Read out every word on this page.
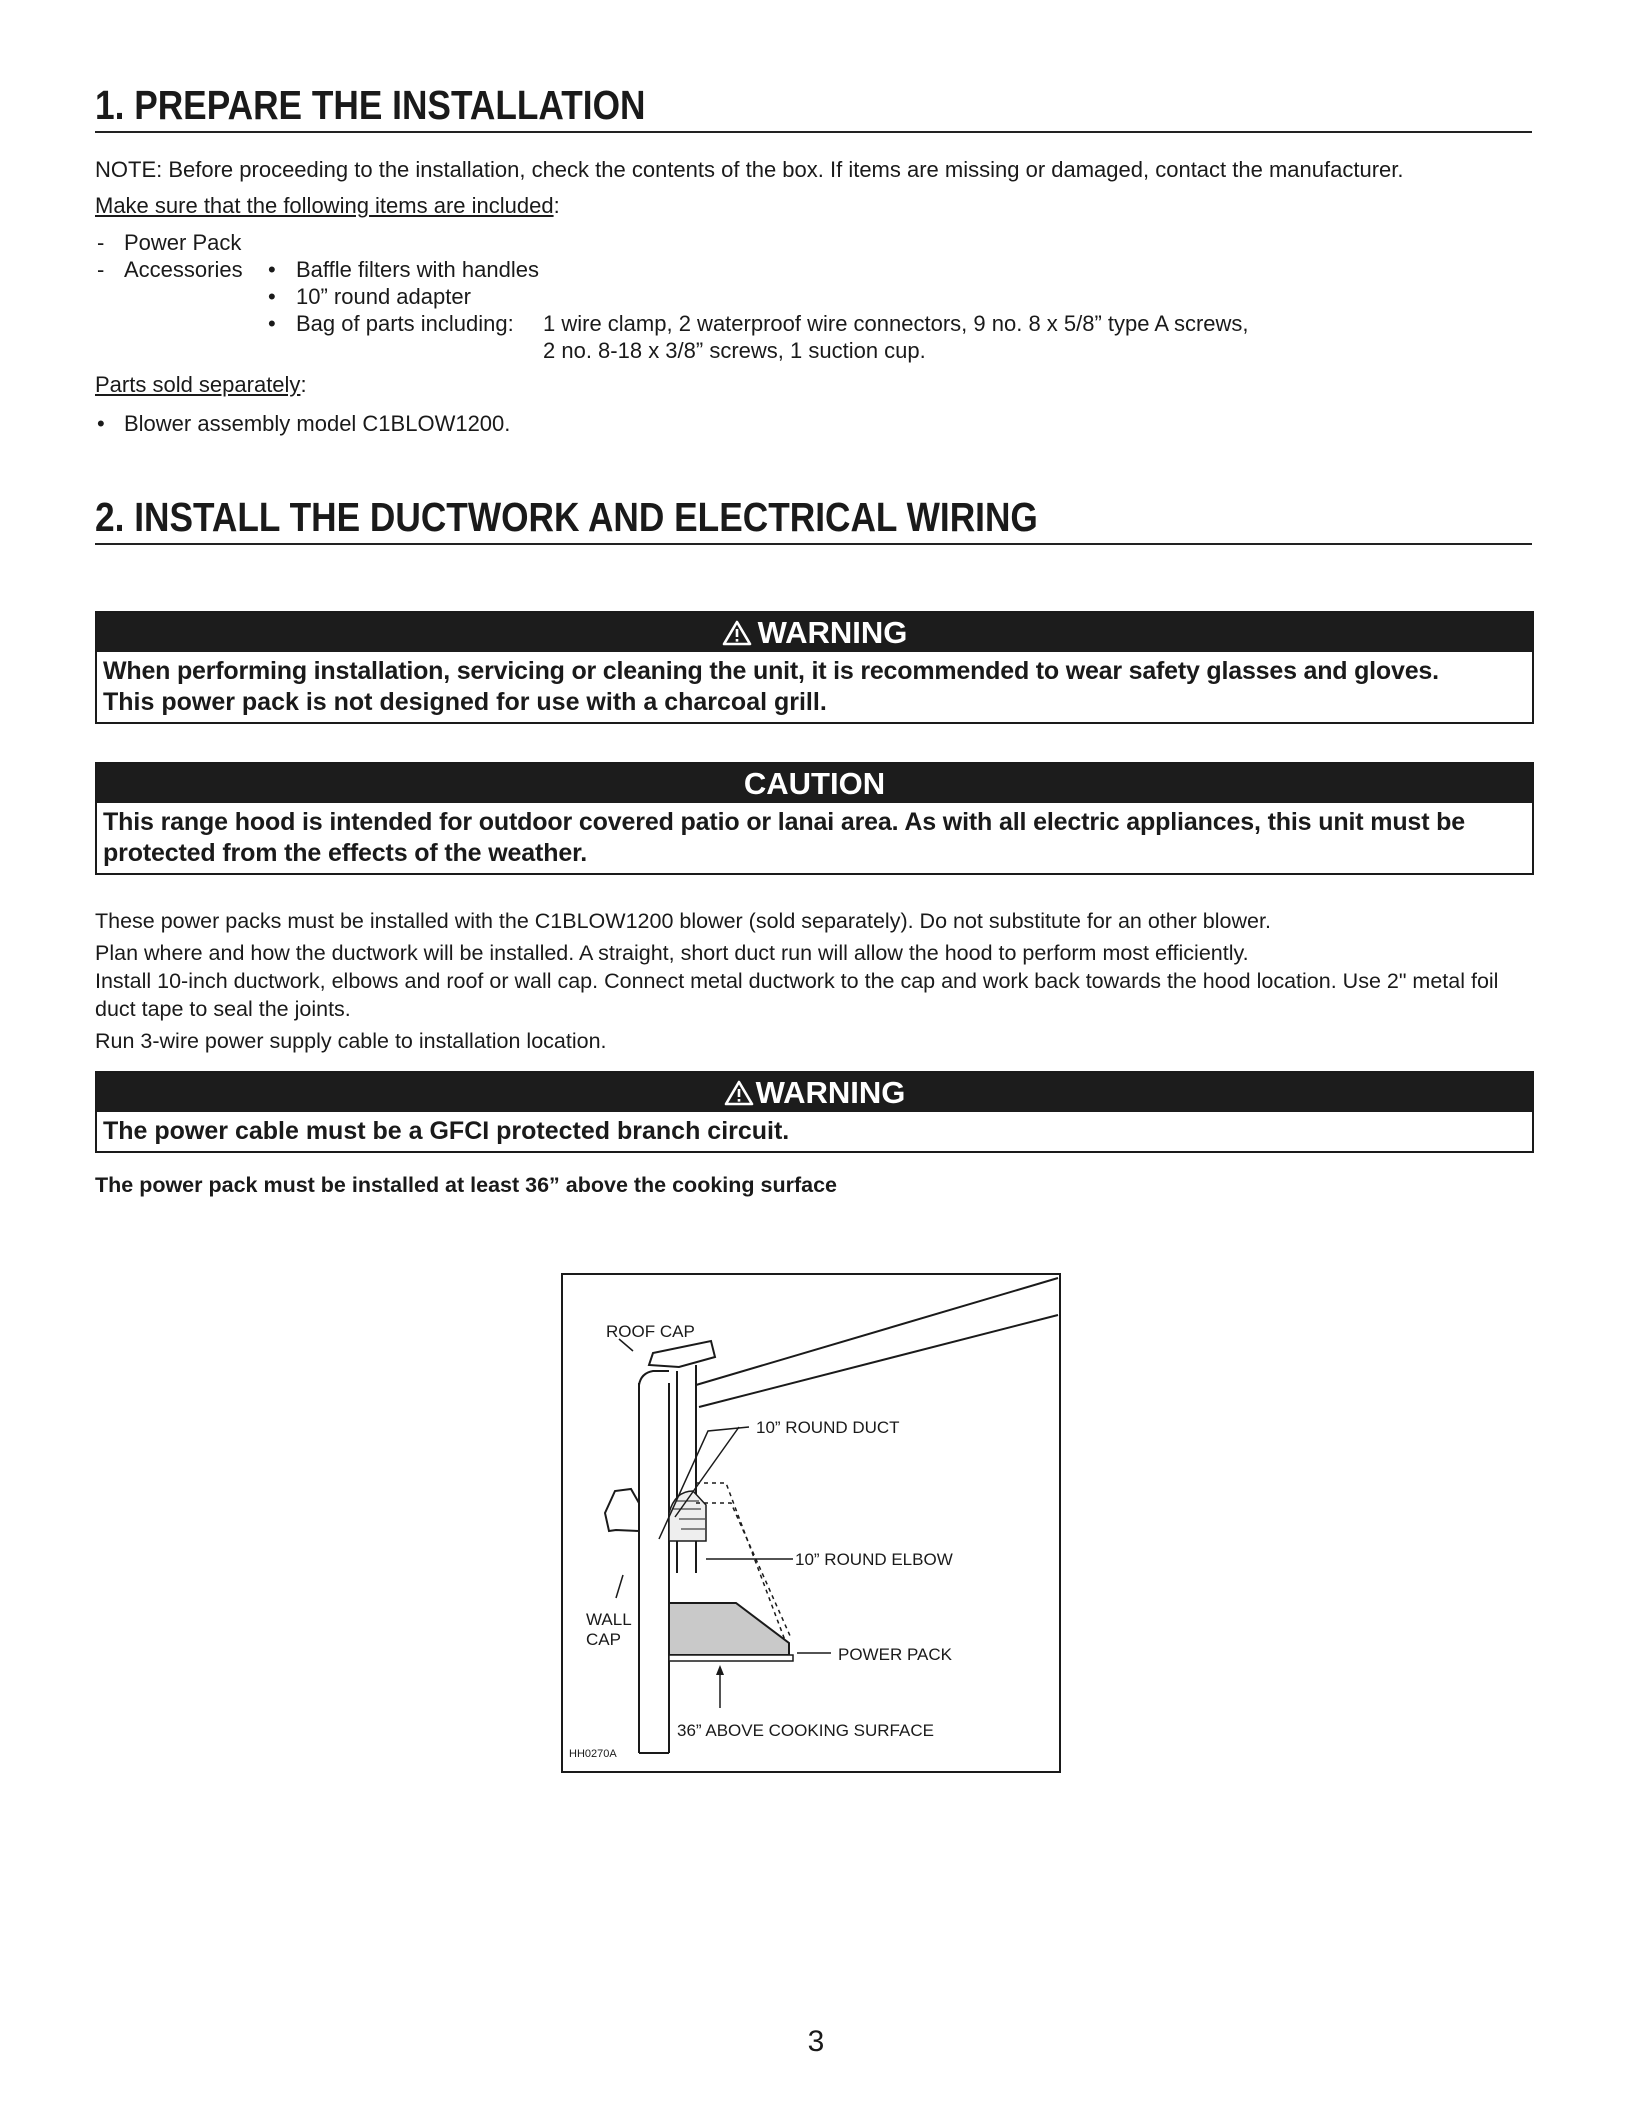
1. PREPARE THE INSTALLATION
NOTE: Before proceeding to the installation, check the contents of the box. If items are missing or damaged, contact the manufacturer.
Make sure that the following items are included:
- Power Pack
- Accessories • Baffle filters with handles
• 10” round adapter
• Bag of parts including: 1 wire clamp, 2 waterproof wire connectors, 9 no. 8 x 5/8” type A screws,
2 no. 8-18 x 3/8” screws, 1 suction cup.
Parts sold separately:
• Blower assembly model C1BLOW1200.
2. INSTALL THE DUCTWORK AND ELECTRICAL WIRING
WARNING
When performing installation, servicing or cleaning the unit, it is recommended to wear safety glasses and gloves.
This power pack is not designed for use with a charcoal grill.
CAUTION
This range hood is intended for outdoor covered patio or lanai area. As with all electric appliances, this unit must be protected from the effects of the weather.

These power packs must be installed with the C1BLOW1200 blower (sold separately). Do not substitute for an other blower.

Plan where and how the ductwork will be installed. A straight, short duct run will allow the hood to perform most efficiently.

Install 10-inch ductwork, elbows and roof or wall cap. Connect metal ductwork to the cap and work back towards the hood location. Use 2" metal foil duct tape to seal the joints.

Run 3-wire power supply cable to installation location.

WARNING
The power cable must be a GFCI protected branch circuit.
The power pack must be installed at least 36” above the cooking surface
ROOF CAP
10” ROUND DUCT
10” ROUND ELBOW
WALL
CAP
POWER PACK
36” ABOVE COOKING SURFACE
HH0270A
3
